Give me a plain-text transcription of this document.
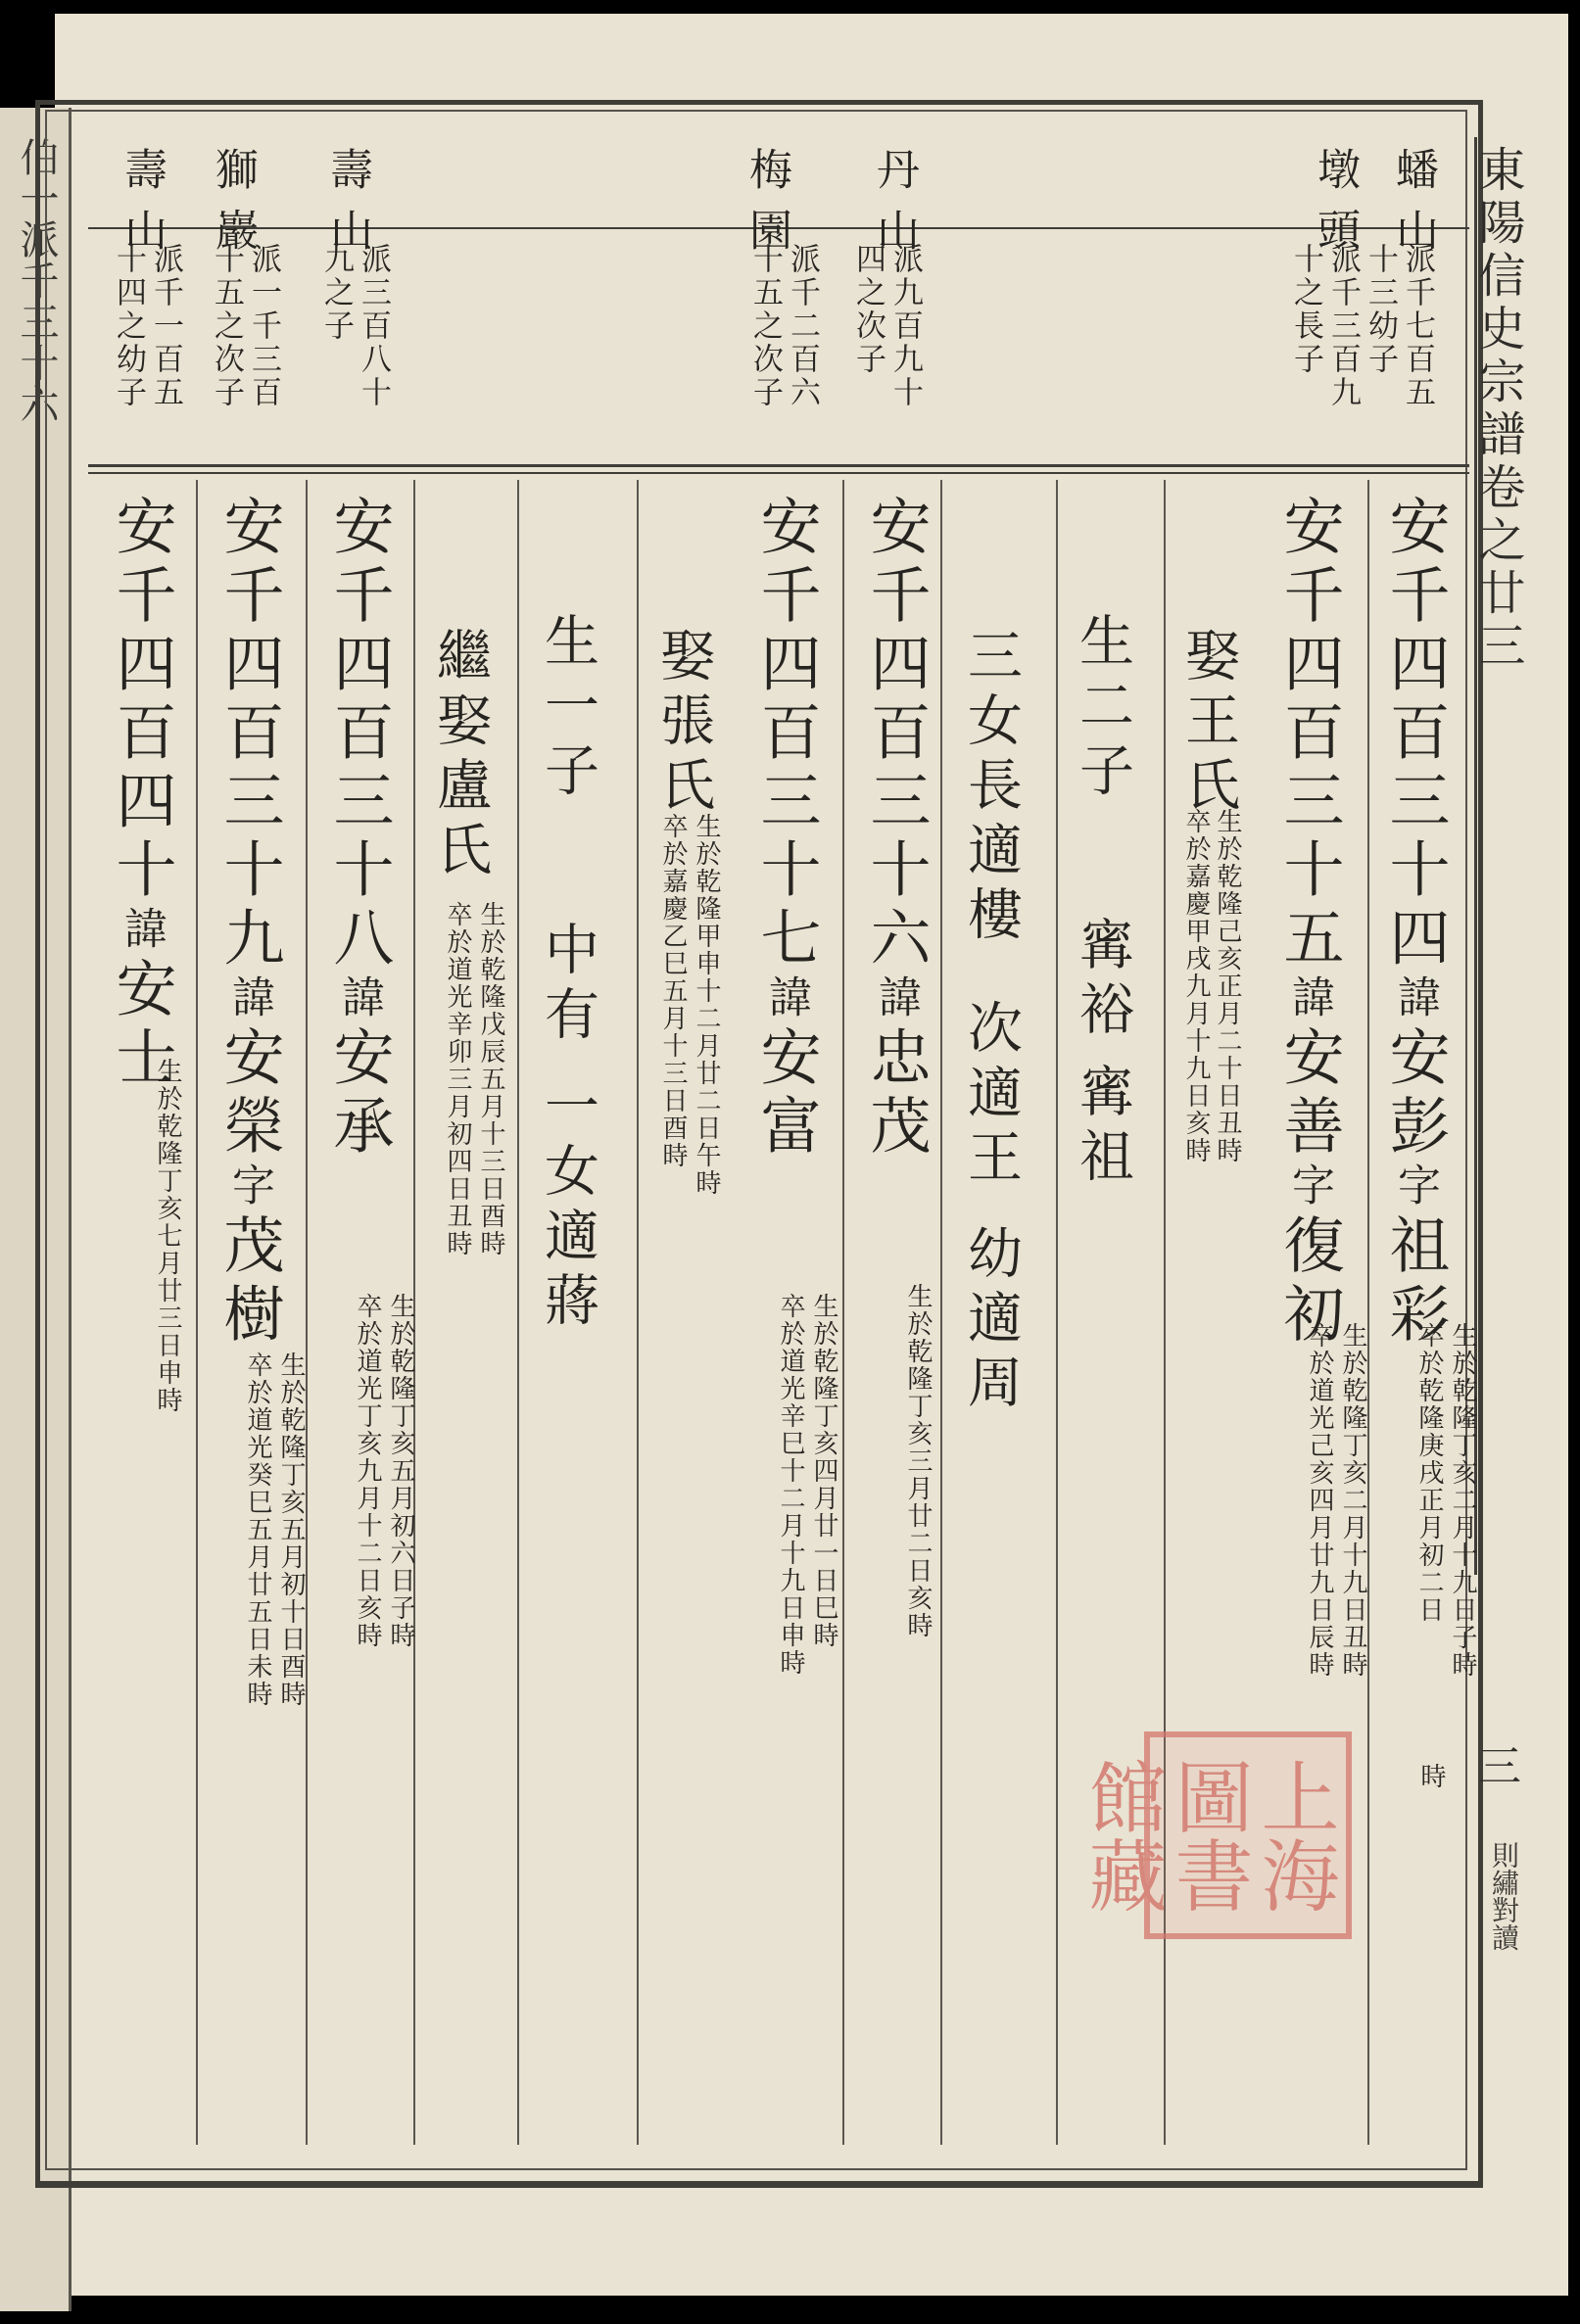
伯一派千三十六	東陽信史宗譜卷之廿三
三
則繡對讀
蟠山
墩頭
丹山
梅園
壽山
獅巖
壽山
派千七百五
十三幼子
派千三百九
十之長子
派九百九十
四之次子
派千二百六
十五之次子
派三百八十
九之子
派一千三百
十五之次子
派千一百五
十四之幼子
安千四百三十四諱安彭字祖彩
生於乾隆丁亥二月十九日子時
卒於乾隆庚戌正月初二日
時
安千四百三十五諱安善字復初
生於乾隆丁亥二月十九日丑時
卒於道光己亥四月廿九日辰時
娶王氏
生於乾隆己亥正月二十日丑時
卒於嘉慶甲戌九月十九日亥時
生二子
寗裕
寗祖
安千四百三十六諱忠茂
生於乾隆丁亥三月廿二日亥時
三女長適樓
次適王
幼適周
安千四百三十七諱安富
生於乾隆丁亥四月廿一日巳時
卒於道光辛巳十二月十九日申時
娶張氏
生於乾隆甲申十二月廿二日午時
卒於嘉慶乙巳五月十三日酉時
生一子
中有
一女適蔣
安千四百三十八諱安承
生於乾隆丁亥五月初六日子時
卒於道光丁亥九月十二日亥時
繼娶盧氏
生於乾隆戊辰五月十三日酉時
卒於道光辛卯三月初四日丑時
安千四百三十九諱安榮字茂樹
生於乾隆丁亥五月初十日酉時
卒於道光癸巳五月廿五日未時
安千四百四十諱安士
生於乾隆丁亥七月廿三日申時
上海圖書館藏
